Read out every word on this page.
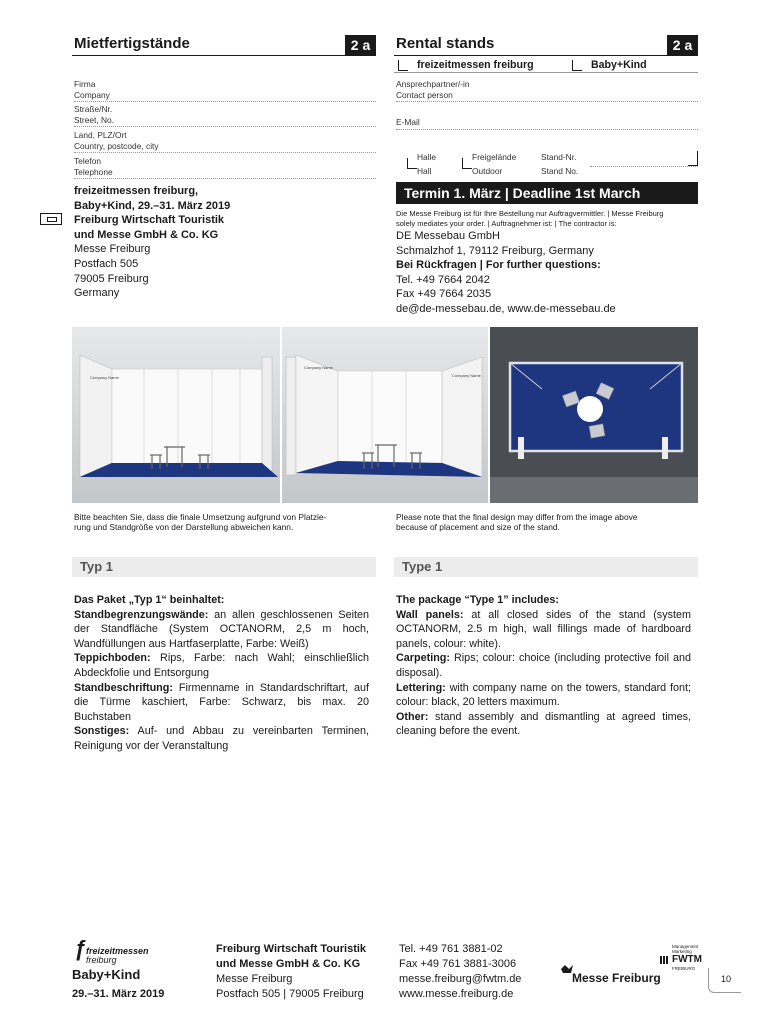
Mietfertigstände	2 a	Rental stands	2 a
freizeitmessen freiburg	Baby+Kind
Firma
Company
Straße/Nr.
Street, No.
Land, PLZ/Ort
Country, postcode, city
Telefon
Telephone
Ansprechpartner/-in
Contact person
E-Mail
Halle
Hall
Freigelände
Outdoor
Stand-Nr.
Stand No.
freizeitmessen freiburg,
Baby+Kind, 29.–31. März 2019
Freiburg Wirtschaft Touristik
und Messe GmbH & Co. KG
Messe Freiburg
Postfach 505
79005 Freiburg
Germany
Termin 1. März | Deadline 1st March
Die Messe Freiburg ist für Ihre Bestellung nur Auftragvermittler. | Messe Freiburg
solely mediates your order. | Auftragnehmer ist: | The contractor is:
DE Messebau GmbH
Schmalzhof 1, 79112 Freiburg, Germany
Bei Rückfragen | For further questions:
Tel. +49 7664 2042
Fax +49 7664 2035
de@de-messebau.de, www.de-messebau.de
Company Name
Company Name
Company Name
Bitte beachten Sie, dass die finale Umsetzung aufgrund von Platzie-
rung und Standgröße von der Darstellung abweichen kann.
Please note that the final design may differ from the image above
because of placement and size of the stand.
Typ 1	Type 1
Das Paket „Typ 1“ beinhaltet:
Standbegrenzungswände: an allen geschlossenen Seiten der Standfläche (System OCTANORM, 2,5 m hoch, Wandfüllungen aus Hartfaserplatte, Farbe: Weiß)
Teppichboden: Rips, Farbe: nach Wahl; einschließlich Abdeckfolie und Entsorgung
Standbeschriftung: Firmenname in Standardschriftart, auf die Türme kaschiert, Farbe: Schwarz, bis max. 20 Buchstaben
Sonstiges: Auf- und Abbau zu vereinbarten Terminen, Reinigung vor der Veranstaltung
The package “Type 1” includes:
Wall panels: at all closed sides of the stand (system OCTANORM, 2.5 m high, wall fillings made of hardboard panels, colour: white).
Carpeting: Rips; colour: choice (including protective foil and disposal).
Lettering: with company name on the towers, standard font; colour: black, 20 letters maximum.
Other: stand assembly and dismantling at agreed times, cleaning before the event.
ƒ freizeitmessen
freiburg
Baby+Kind
29.–31. März 2019
Freiburg Wirtschaft Touristik
und Messe GmbH & Co. KG
Messe Freiburg
Postfach 505 | 79005 Freiburg
Tel. +49 761 3881-02
Fax +49 761 3881-3006
messe.freiburg@fwtm.de
www.messe.freiburg.de
Messe Freiburg
Management
Marketing
FWTM
FREIBURG
10
